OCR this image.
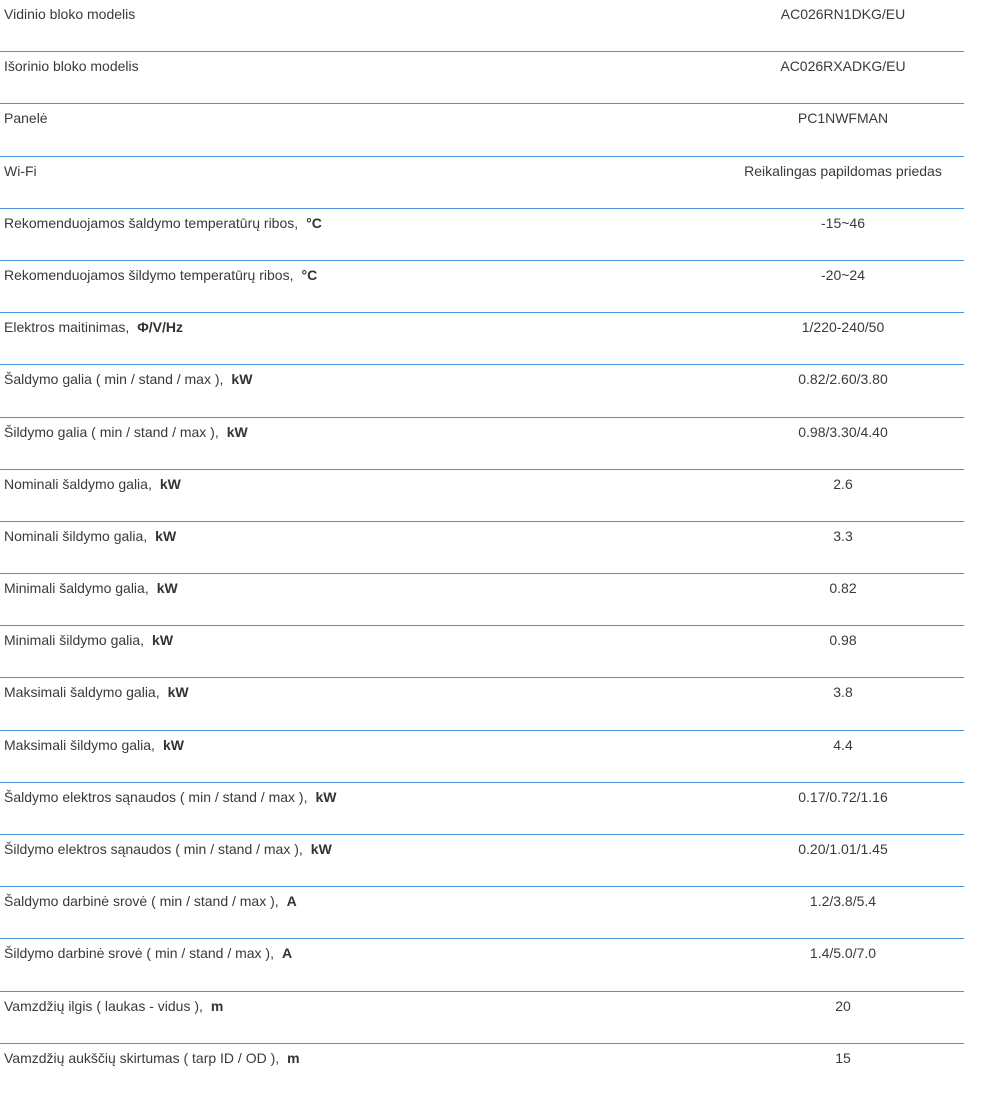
Vidinio bloko modelis	AC026RN1DKG/EU
Išorinio bloko modelis	AC026RXADKG/EU
Panelė	PC1NWFMAN
Wi-Fi	Reikalingas papildomas priedas
Rekomenduojamos šaldymo temperatūrų ribos, °C	-15~46
Rekomenduojamos šildymo temperatūrų ribos, °C	-20~24
Elektros maitinimas, Φ/V/Hz	1/220-240/50
Šaldymo galia ( min / stand / max ), kW	0.82/2.60/3.80
Šildymo galia ( min / stand / max ), kW	0.98/3.30/4.40
Nominali šaldymo galia, kW	2.6
Nominali šildymo galia, kW	3.3
Minimali šaldymo galia, kW	0.82
Minimali šildymo galia, kW	0.98
Maksimali šaldymo galia, kW	3.8
Maksimali šildymo galia, kW	4.4
Šaldymo elektros sąnaudos ( min / stand / max ), kW	0.17/0.72/1.16
Šildymo elektros sąnaudos ( min / stand / max ), kW	0.20/1.01/1.45
Šaldymo darbinė srovė ( min / stand / max ), A	1.2/3.8/5.4
Šildymo darbinė srovė ( min / stand / max ), A	1.4/5.0/7.0
Vamzdžių ilgis ( laukas - vidus ), m	20
Vamzdžių aukščių skirtumas ( tarp ID / OD ), m	15
